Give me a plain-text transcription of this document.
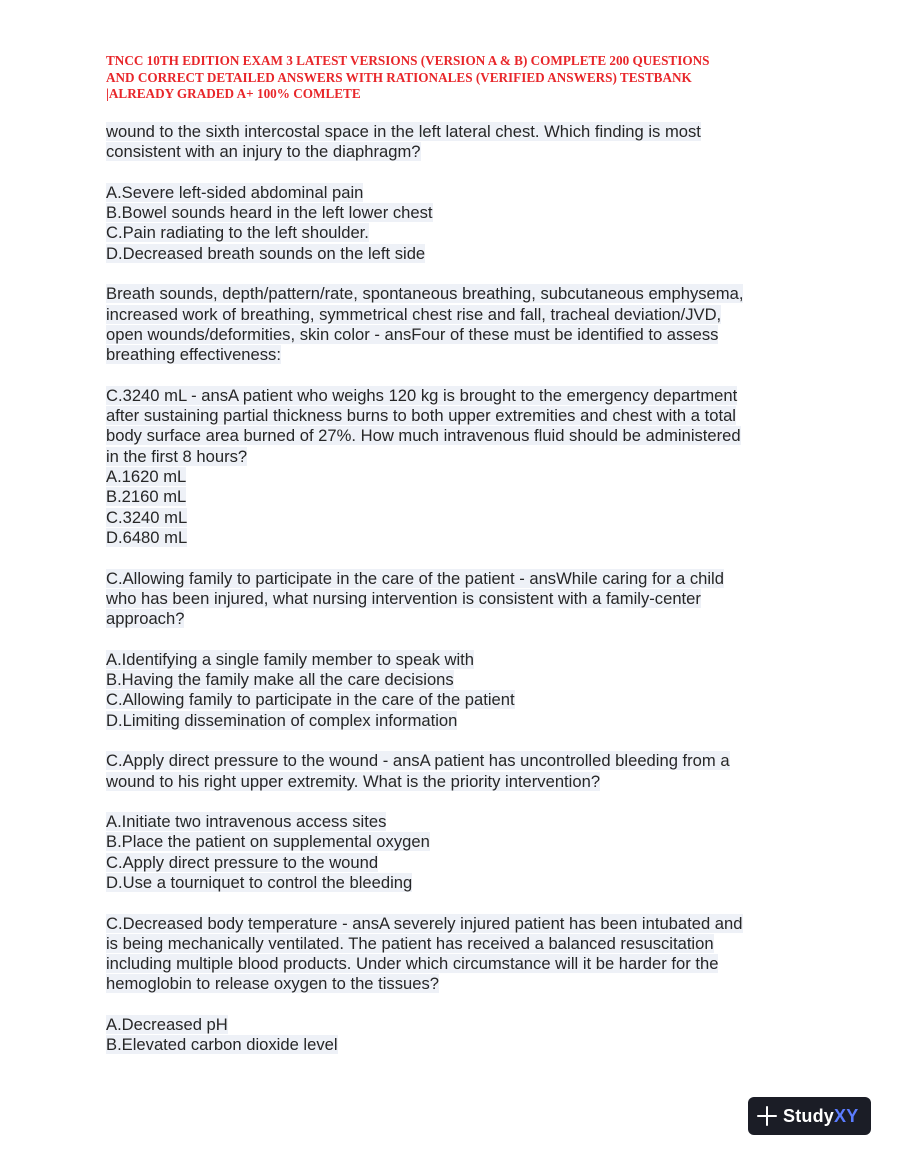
TNCC 10TH EDITION EXAM 3 LATEST VERSIONS (VERSION A & B) COMPLETE 200 QUESTIONS
AND CORRECT DETAILED ANSWERS WITH RATIONALES (VERIFIED ANSWERS) TESTBANK
|ALREADY GRADED A+ 100% COMLETE
wound to the sixth intercostal space in the left lateral chest. Which finding is most
consistent with an injury to the diaphragm?
A.Severe left-sided abdominal pain
B.Bowel sounds heard in the left lower chest
C.Pain radiating to the left shoulder.
D.Decreased breath sounds on the left side
Breath sounds, depth/pattern/rate, spontaneous breathing, subcutaneous emphysema,
increased work of breathing, symmetrical chest rise and fall, tracheal deviation/JVD,
open wounds/deformities, skin color - ansFour of these must be identified to assess
breathing effectiveness:
C.3240 mL - ansA patient who weighs 120 kg is brought to the emergency department
after sustaining partial thickness burns to both upper extremities and chest with a total
body surface area burned of 27%. How much intravenous fluid should be administered
in the first 8 hours?
A.1620 mL
B.2160 mL
C.3240 mL
D.6480 mL
C.Allowing family to participate in the care of the patient - ansWhile caring for a child
who has been injured, what nursing intervention is consistent with a family-center
approach?
A.Identifying a single family member to speak with
B.Having the family make all the care decisions
C.Allowing family to participate in the care of the patient
D.Limiting dissemination of complex information
C.Apply direct pressure to the wound - ansA patient has uncontrolled bleeding from a
wound to his right upper extremity. What is the priority intervention?
A.Initiate two intravenous access sites
B.Place the patient on supplemental oxygen
C.Apply direct pressure to the wound
D.Use a tourniquet to control the bleeding
C.Decreased body temperature - ansA severely injured patient has been intubated and
is being mechanically ventilated. The patient has received a balanced resuscitation
including multiple blood products. Under which circumstance will it be harder for the
hemoglobin to release oxygen to the tissues?
A.Decreased pH
B.Elevated carbon dioxide level
StudyXY
